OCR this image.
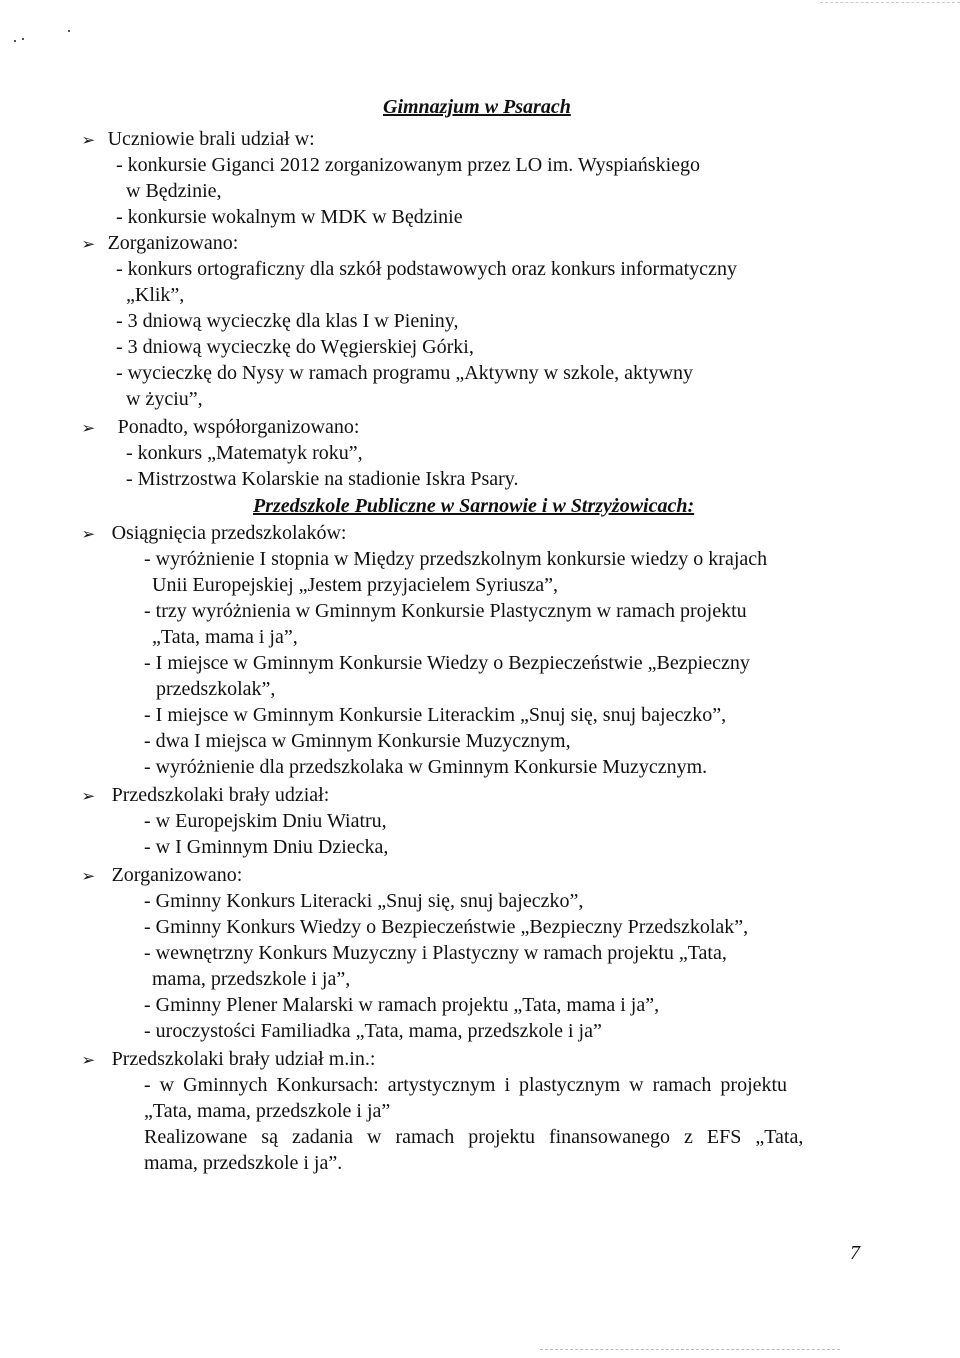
Gimnazjum w Psarach
➢ Uczniowie brali udział w:
- konkursie Giganci 2012 zorganizowanym przez LO im. Wyspiańskiego
w Będzinie,
- konkursie wokalnym w MDK w Będzinie
➢ Zorganizowano:
- konkurs ortograficzny dla szkół podstawowych oraz konkurs informatyczny
„Klik”,
- 3 dniową wycieczkę dla klas I w Pieniny,
- 3 dniową wycieczkę do Węgierskiej Górki,
- wycieczkę do Nysy w ramach programu „Aktywny w szkole, aktywny
w życiu”,
➢ Ponadto, współorganizowano:
- konkurs „Matematyk roku”,
- Mistrzostwa Kolarskie na stadionie Iskra Psary.
Przedszkole Publiczne w Sarnowie i w Strzyżowicach:
➢ Osiągnięcia przedszkolaków:
- wyróżnienie I stopnia w Między przedszkolnym konkursie wiedzy o krajach
Unii Europejskiej „Jestem przyjacielem Syriusza”,
- trzy wyróżnienia w Gminnym Konkursie Plastycznym w ramach projektu
„Tata, mama i ja”,
- I miejsce w Gminnym Konkursie Wiedzy o Bezpieczeństwie „Bezpieczny
przedszkolak”,
- I miejsce w Gminnym Konkursie Literackim „Snuj się, snuj bajeczko”,
- dwa I miejsca w Gminnym Konkursie Muzycznym,
- wyróżnienie dla przedszkolaka w Gminnym Konkursie Muzycznym.
➢ Przedszkolaki brały udział:
- w Europejskim Dniu Wiatru,
- w I Gminnym Dniu Dziecka,
➢ Zorganizowano:
- Gminny Konkurs Literacki „Snuj się, snuj bajeczko”,
- Gminny Konkurs Wiedzy o Bezpieczeństwie „Bezpieczny Przedszkolak”,
- wewnętrzny Konkurs Muzyczny i Plastyczny w ramach projektu „Tata,
mama, przedszkole i ja”,
- Gminny Plener Malarski w ramach projektu „Tata, mama i ja”,
- uroczystości Familiadka „Tata, mama, przedszkole i ja”
➢ Przedszkolaki brały udział m.in.:
- w Gminnych Konkursach: artystycznym i plastycznym w ramach projektu
„Tata, mama, przedszkole i ja”
Realizowane są zadania w ramach projektu finansowanego z EFS „Tata,
mama, przedszkole i ja”.
7
